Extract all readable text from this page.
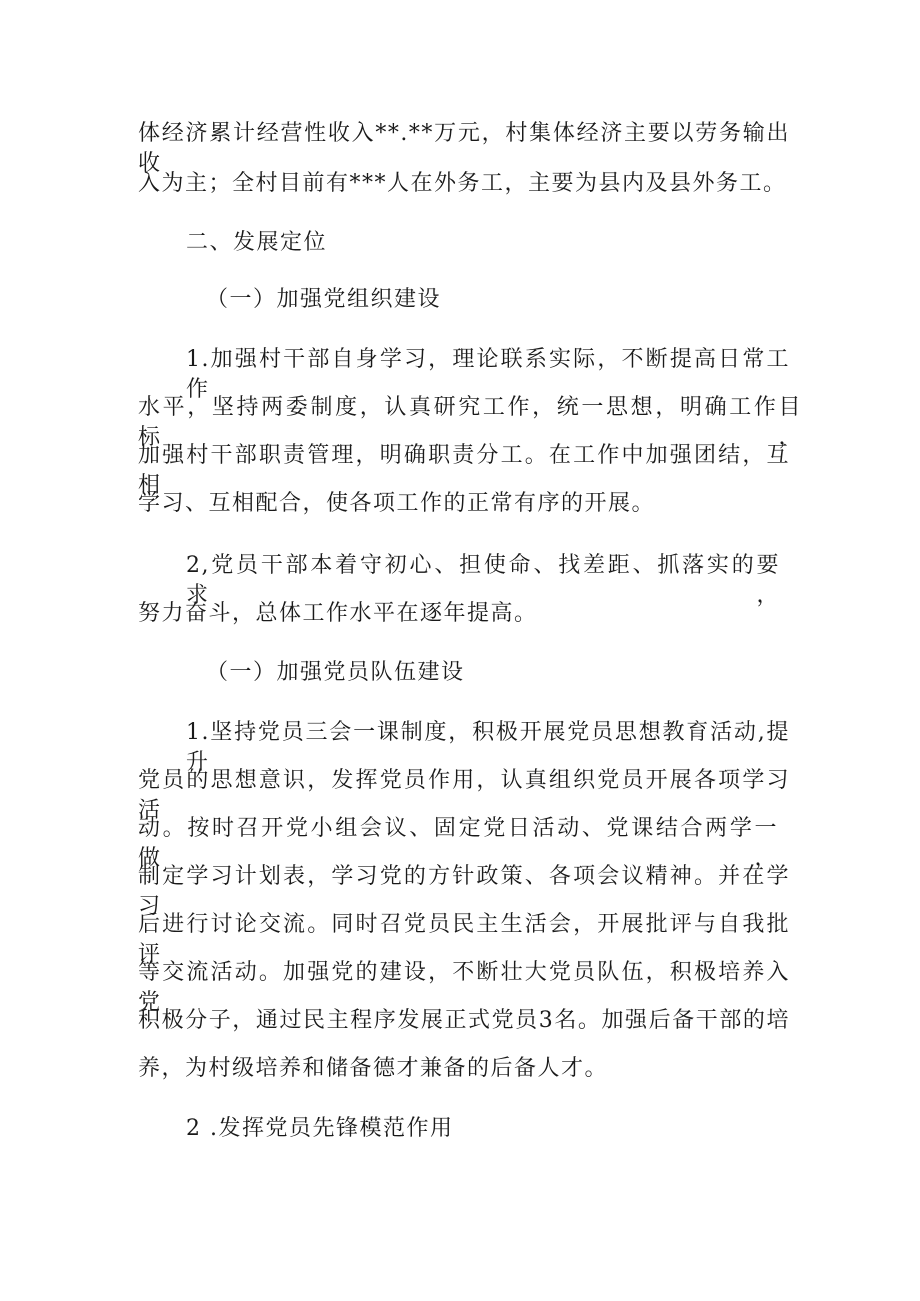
体经济累计经营性收入**.**万元，村集体经济主要以劳务输出收
入为主；全村目前有***人在外务工，主要为县内及县外务工。
二、发展定位
（一）加强党组织建设
1.加强村干部自身学习，理论联系实际，不断提高日常工作
水平，坚持两委制度，认真研究工作，统一思想，明确工作目标，
加强村干部职责管理，明确职责分工。在工作中加强团结，互相
学习、互相配合，使各项工作的正常有序的开展。
2,党员干部本着守初心、担使命、找差距、抓落实的要求，
努力奋斗，总体工作水平在逐年提高。
（一）加强党员队伍建设
1.坚持党员三会一课制度，积极开展党员思想教育活动,提升
党员的思想意识，发挥党员作用，认真组织党员开展各项学习活
动。按时召开党小组会议、固定党日活动、党课结合两学一做，
制定学习计划表，学习党的方针政策、各项会议精神。并在学习
后进行讨论交流。同时召党员民主生活会，开展批评与自我批评
等交流活动。加强党的建设，不断壮大党员队伍，积极培养入党
积极分子，通过民主程序发展正式党员3名。加强后备干部的培
养，为村级培养和储备德才兼备的后备人才。
2 .发挥党员先锋模范作用
